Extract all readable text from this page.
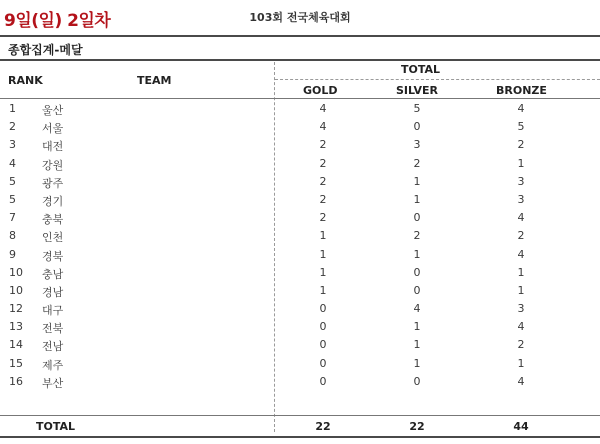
9일(일) 2일차	103회 전국체육대회
종합집계-메달
RANK	TEAM
TOTAL
GOLD	SILVER	BRONZE
1 울산	4	5	4
2 서울	4	0	5
3 대전	2	3	2
4 강원	2	2	1
5 광주	2	1	3
5 경기	2	1	3
7 충북	2	0	4
8 인천	1	2	2
9 경북	1	1	4
10 충남	1	0	1
10 경남	1	0	1
12 대구	0	4	3
13 전북	0	1	4
14 전남	0	1	2
15 제주	0	1	1
16 부산	0	0	4
TOTAL	22	22	44
